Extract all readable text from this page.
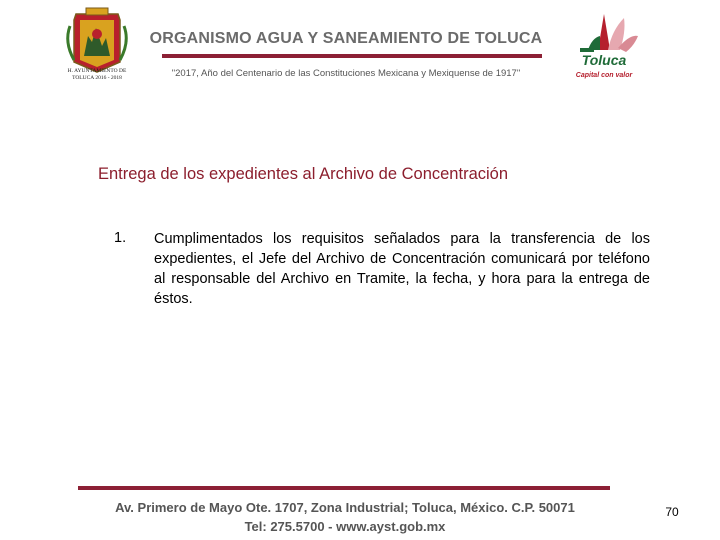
H. AYUNTAMIENTO DE TOLUCA 2016 - 2018
ORGANISMO AGUA Y SANEAMIENTO DE TOLUCA
"2017, Año del Centenario de las Constituciones Mexicana y Mexiquense de 1917"
Toluca
Capital con valor
Entrega de los expedientes al Archivo de Concentración
1. Cumplimentados los requisitos señalados para la transferencia de los expedientes, el Jefe del Archivo de Concentración comunicará por teléfono al responsable del Archivo en Tramite, la fecha, y hora para la entrega de éstos.
Av. Primero de Mayo Ote. 1707, Zona Industrial; Toluca, México. C.P. 50071
Tel: 275.5700 - www.ayst.gob.mx
70
